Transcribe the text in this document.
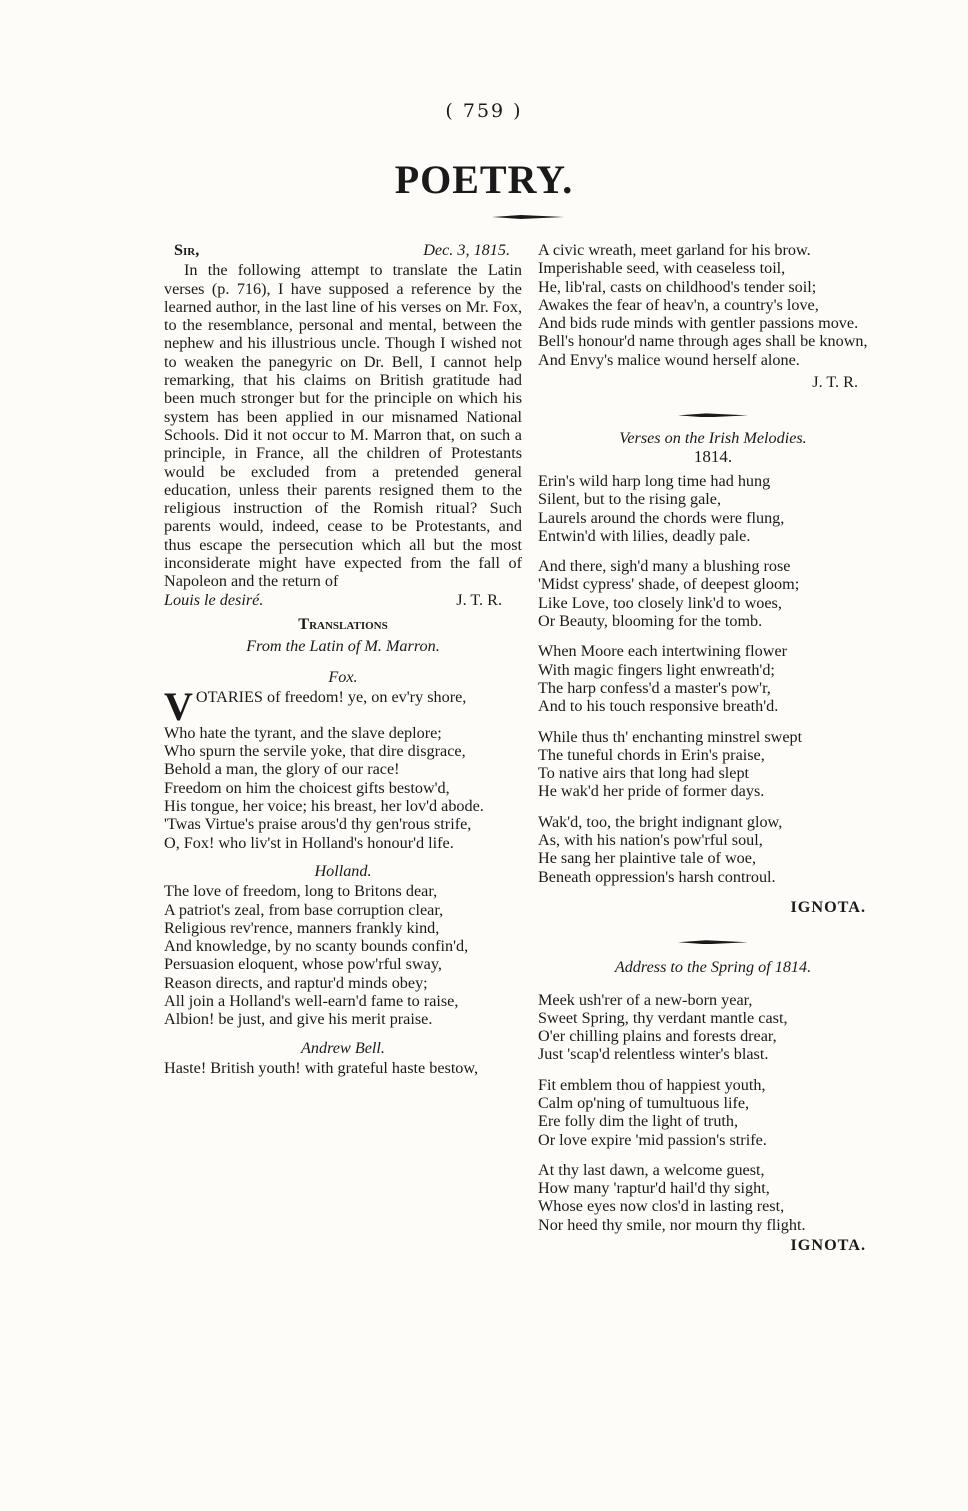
( 759 )
POETRY.
Sir,	Dec. 3, 1815.
In the following attempt to translate the Latin verses (p. 716), I have supposed a reference by the learned author, in the last line of his verses on Mr. Fox, to the resemblance, personal and mental, between the nephew and his illustrious uncle. Though I wished not to weaken the panegyric on Dr. Bell, I cannot help remarking, that his claims on British gratitude had been much stronger but for the principle on which his system has been applied in our misnamed National Schools. Did it not occur to M. Marron that, on such a principle, in France, all the children of Protestants would be excluded from a pretended general education, unless their parents resigned them to the religious instruction of the Romish ritual? Such parents would, indeed, cease to be Protestants, and thus escape the persecution which all but the most inconsiderate might have expected from the fall of Napoleon and the return of
Louis le desiré.	J. T. R.
Translations
From the Latin of M. Marron.
Fox.
V OTARIES of freedom! ye, on ev'ry shore,
Who hate the tyrant, and the slave deplore;
Who spurn the servile yoke, that dire disgrace,
Behold a man, the glory of our race!
Freedom on him the choicest gifts bestow'd,
His tongue, her voice; his breast, her lov'd abode.
'Twas Virtue's praise arous'd thy gen'rous strife,
O, Fox! who liv'st in Holland's honour'd life.
Holland.
The love of freedom, long to Britons dear,
A patriot's zeal, from base corruption clear,
Religious rev'rence, manners frankly kind,
And knowledge, by no scanty bounds confin'd,
Persuasion eloquent, whose pow'rful sway,
Reason directs, and raptur'd minds obey;
All join a Holland's well-earn'd fame to raise,
Albion! be just, and give his merit praise.
Andrew Bell.
Haste! British youth! with grateful haste bestow,
A civic wreath, meet garland for his brow.
Imperishable seed, with ceaseless toil,
He, lib'ral, casts on childhood's tender soil;
Awakes the fear of heav'n, a country's love,
And bids rude minds with gentler passions move.
Bell's honour'd name through ages shall be known,
And Envy's malice wound herself alone.
J. T. R.
Verses on the Irish Melodies.
1814.
Erin's wild harp long time had hung
Silent, but to the rising gale,
Laurels around the chords were flung,
Entwin'd with lilies, deadly pale.
And there, sigh'd many a blushing rose
'Midst cypress' shade, of deepest gloom;
Like Love, too closely link'd to woes,
Or Beauty, blooming for the tomb.
When Moore each intertwining flower
With magic fingers light enwreath'd;
The harp confess'd a master's pow'r,
And to his touch responsive breath'd.
While thus th' enchanting minstrel swept
The tuneful chords in Erin's praise,
To native airs that long had slept
He wak'd her pride of former days.
Wak'd, too, the bright indignant glow,
As, with his nation's pow'rful soul,
He sang her plaintive tale of woe,
Beneath oppression's harsh controul.
IGNOTA.
Address to the Spring of 1814.
Meek ush'rer of a new-born year,
Sweet Spring, thy verdant mantle cast,
O'er chilling plains and forests drear,
Just 'scap'd relentless winter's blast.
Fit emblem thou of happiest youth,
Calm op'ning of tumultuous life,
Ere folly dim the light of truth,
Or love expire 'mid passion's strife.
At thy last dawn, a welcome guest,
How many 'raptur'd hail'd thy sight,
Whose eyes now clos'd in lasting rest,
Nor heed thy smile, nor mourn thy flight.
IGNOTA.
